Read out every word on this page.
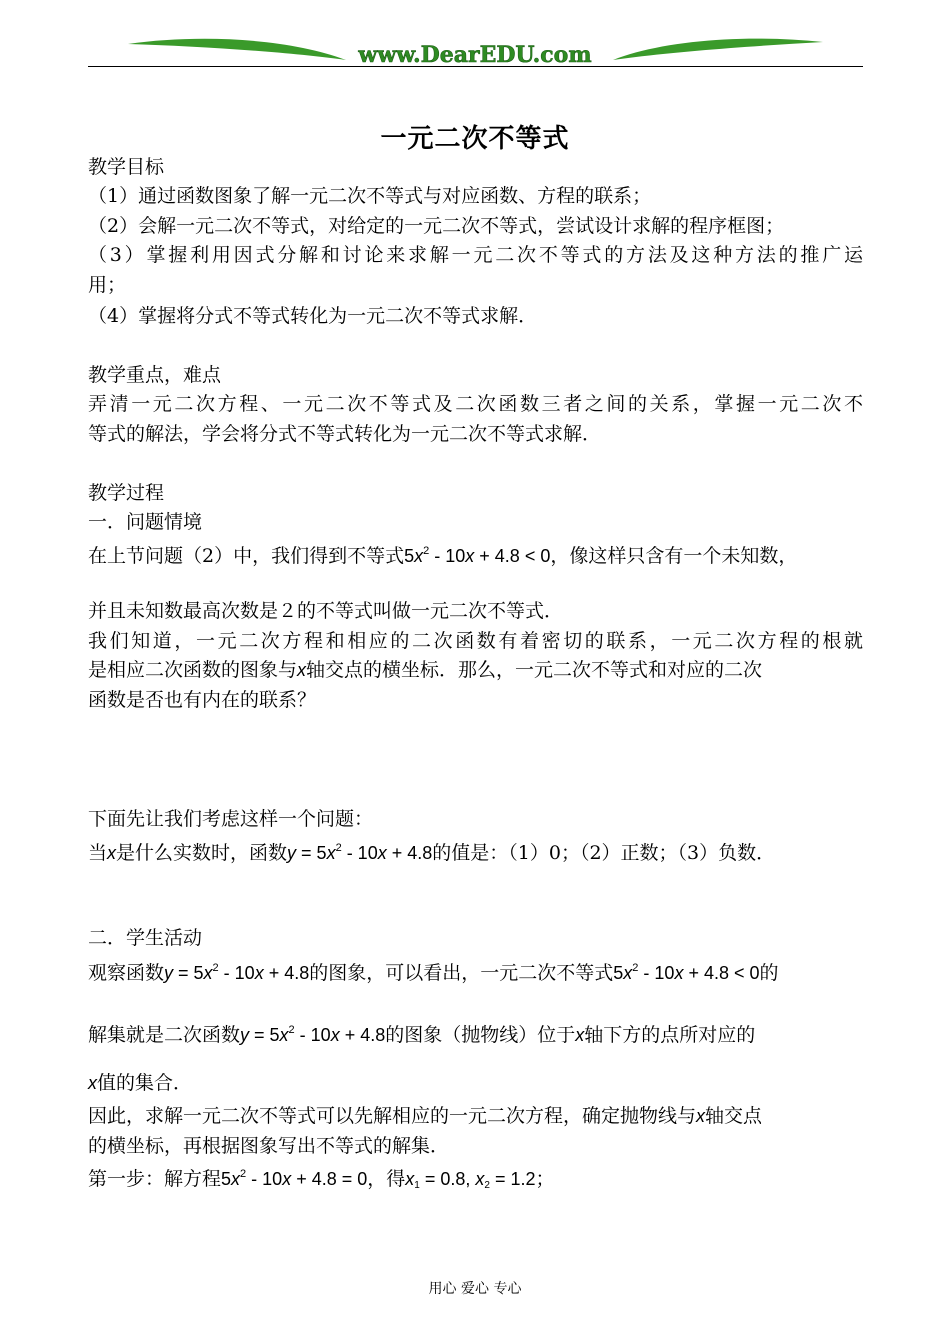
www.DearEDU.com
一元二次不等式
教学目标
（1）通过函数图象了解一元二次不等式与对应函数、方程的联系；
（2）会解一元二次不等式，对给定的一元二次不等式，尝试设计求解的程序框图；
（3）掌握利用因式分解和讨论来求解一元二次不等式的方法及这种方法的推广运
用；
（4）掌握将分式不等式转化为一元二次不等式求解．
教学重点，难点
弄清一元二次方程、一元二次不等式及二次函数三者之间的关系，掌握一元二次不
等式的解法，学会将分式不等式转化为一元二次不等式求解．
教学过程
一．问题情境
在上节问题（2）中，我们得到不等式$5x^2 - 10x + 4.8 < 0$，像这样只含有一个未知数，
并且未知数最高次数是２的不等式叫做一元二次不等式．
我们知道，一元二次方程和相应的二次函数有着密切的联系，一元二次方程的根就
是相应二次函数的图象与x轴交点的横坐标．那么，一元二次不等式和对应的二次
函数是否也有内在的联系？
下面先让我们考虑这样一个问题：
当x是什么实数时，函数$y = 5x^2 - 10x + 4.8$的值是：（1）0；（2）正数；（3）负数．
二．学生活动
观察函数$y = 5x^2 - 10x + 4.8$的图象，可以看出，一元二次不等式$5x^2 - 10x + 4.8 < 0$的
解集就是二次函数$y = 5x^2 - 10x + 4.8$的图象（抛物线）位于x轴下方的点所对应的
x值的集合．
因此，求解一元二次不等式可以先解相应的一元二次方程，确定抛物线与x轴交点
的横坐标，再根据图象写出不等式的解集．
第一步：解方程$5x^2 - 10x + 4.8 = 0$，得$x_1 = 0.8$, $x_2 = 1.2$；
用心 爱心 专心
